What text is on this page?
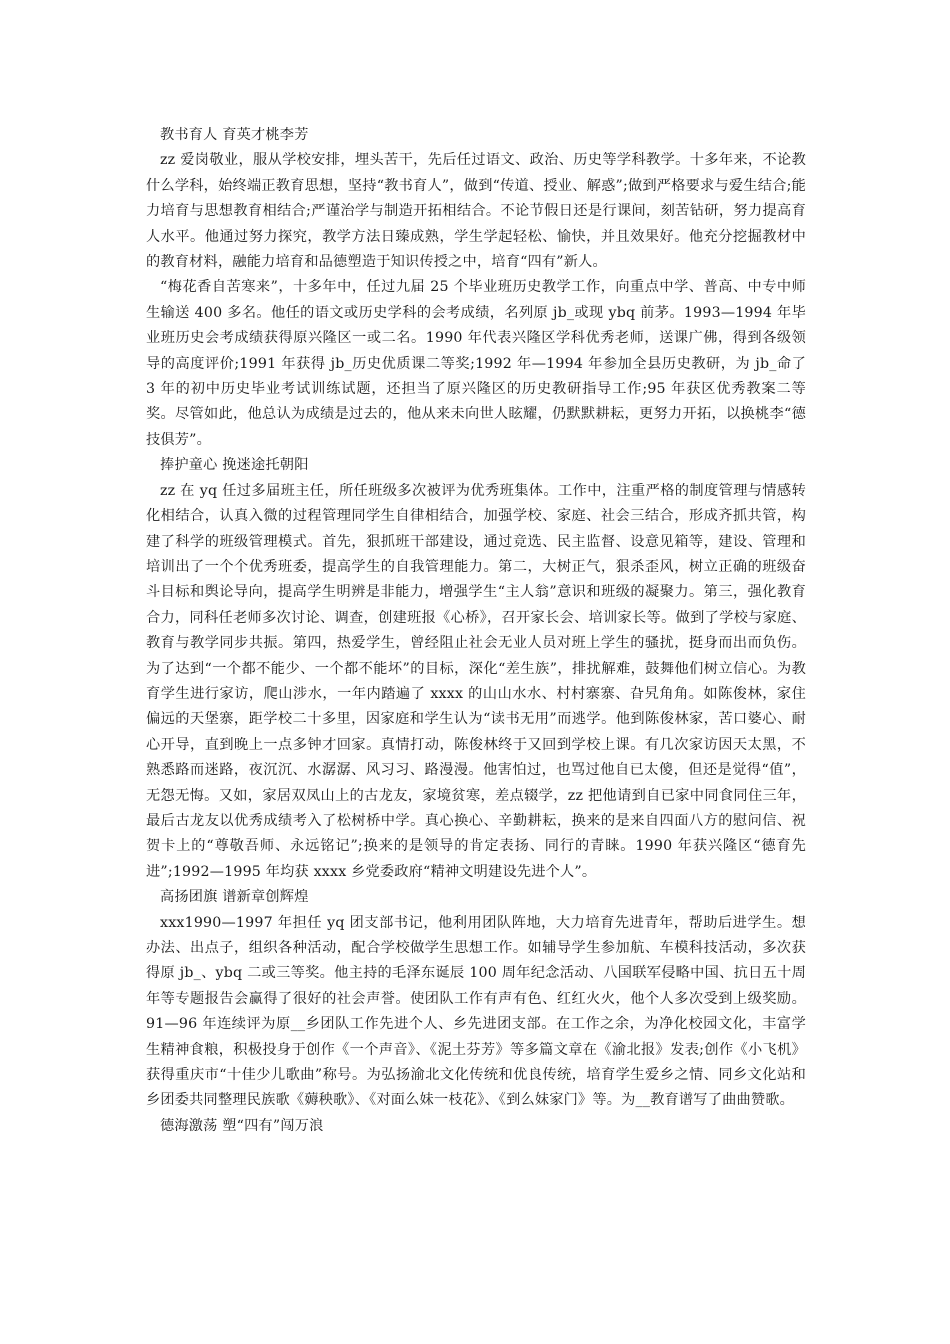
教书育人 育英才桃李芳

zz 爱岗敬业，服从学校安排，埋头苦干，先后任过语文、政治、历史等学科教学。十多年来，不论教什么学科，始终端正教育思想，坚持“教书育人”，做到“传道、授业、解惑”;做到严格要求与爱生结合;能力培育与思想教育相结合;严谨治学与制造开拓相结合。不论节假日还是行课间，刻苦钻研，努力提高育人水平。他通过努力探究，教学方法日臻成熟，学生学起轻松、愉快，并且效果好。他充分挖掘教材中的教育材料，融能力培育和品德塑造于知识传授之中，培育“四有”新人。

“梅花香自苦寒来”，十多年中，任过九届 25 个毕业班历史教学工作，向重点中学、普高、中专中师生输送 400 多名。他任的语文或历史学科的会考成绩，名列原 jb_或现 ybq 前茅。1993—1994 年毕业班历史会考成绩获得原兴隆区一或二名。1990 年代表兴隆区学科优秀老师，送课广佛，得到各级领导的高度评价;1991 年获得 jb_历史优质课二等奖;1992 年—1994 年参加全县历史教研，为 jb_命了 3 年的初中历史毕业考试训练试题，还担当了原兴隆区的历史教研指导工作;95 年获区优秀教案二等奖。尽管如此，他总认为成绩是过去的，他从来未向世人眩耀，仍默默耕耘，更努力开拓，以换桃李“德技俱芳”。

捧护童心 挽迷途托朝阳

zz 在 yq 任过多届班主任，所任班级多次被评为优秀班集体。工作中，注重严格的制度管理与情感转化相结合，认真入微的过程管理同学生自律相结合，加强学校、家庭、社会三结合，形成齐抓共管，构建了科学的班级管理模式。首先，狠抓班干部建设，通过竞选、民主监督、设意见箱等，建设、管理和培训出了一个个优秀班委，提高学生的自我管理能力。第二，大树正气，狠杀歪风，树立正确的班级奋斗目标和舆论导向，提高学生明辨是非能力，增强学生“主人翁”意识和班级的凝聚力。第三，强化教育合力，同科任老师多次讨论、调查，创建班报《心桥》，召开家长会、培训家长等。做到了学校与家庭、教育与教学同步共振。第四，热爱学生，曾经阻止社会无业人员对班上学生的骚扰，挺身而出而负伤。为了达到“一个都不能少、一个都不能坏”的目标，深化“差生族”，排扰解难，鼓舞他们树立信心。为教育学生进行家访，爬山涉水，一年内踏遍了 xxxx 的山山水水、村村寨寨、旮旯角角。如陈俊林，家住偏远的天堡寨，距学校二十多里，因家庭和学生认为“读书无用”而逃学。他到陈俊林家，苦口婆心、耐心开导，直到晚上一点多钟才回家。真情打动，陈俊林终于又回到学校上课。有几次家访因天太黑，不熟悉路而迷路，夜沉沉、水潺潺、风习习、路漫漫。他害怕过，也骂过他自已太傻，但还是觉得“值”，无怨无悔。又如，家居双凤山上的古龙友，家境贫寒，差点辍学，zz 把他请到自已家中同食同住三年，最后古龙友以优秀成绩考入了松树桥中学。真心换心、辛勤耕耘，换来的是来自四面八方的慰问信、祝贺卡上的“尊敬吾师、永远铭记”;换来的是领导的肯定表扬、同行的青睐。1990 年获兴隆区“德育先进”;1992—1995 年均获 xxxx 乡党委政府“精神文明建设先进个人”。

高扬团旗 谱新章创辉煌

xxx1990—1997 年担任 yq 团支部书记，他利用团队阵地，大力培育先进青年，帮助后进学生。想办法、出点子，组织各种活动，配合学校做学生思想工作。如辅导学生参加航、车模科技活动，多次获得原 jb_、ybq 二或三等奖。他主持的毛泽东诞辰 100 周年纪念活动、八国联军侵略中国、抗日五十周年等专题报告会赢得了很好的社会声誉。使团队工作有声有色、红红火火，他个人多次受到上级奖励。91—96 年连续评为原__乡团队工作先进个人、乡先进团支部。在工作之余，为净化校园文化，丰富学生精神食粮，积极投身于创作《一个声音》、《泥土芬芳》等多篇文章在《渝北报》发表;创作《小飞机》获得重庆市“十佳少儿歌曲”称号。为弘扬渝北文化传统和优良传统，培育学生爱乡之情、同乡文化站和乡团委共同整理民族歌《薅秧歌》、《对面么妹一枝花》、《到么妹家门》等。为__教育谱写了曲曲赞歌。

德海激荡 塑“四有”闯万浪
